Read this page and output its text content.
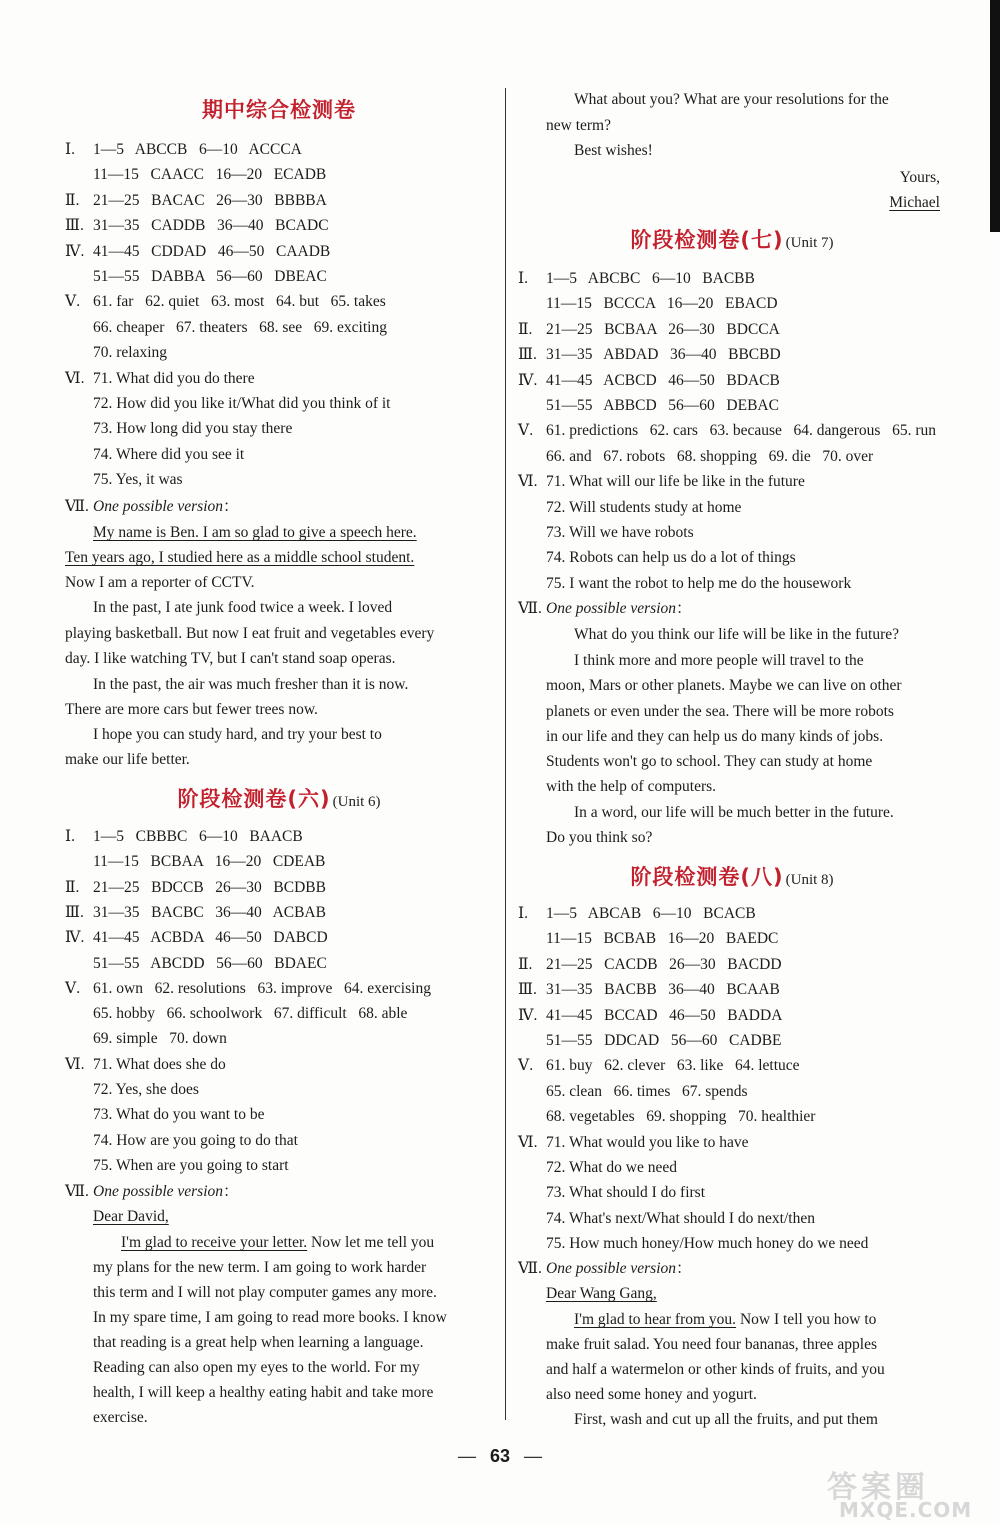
期中综合检测卷
Ⅰ. 1—5   ABCCB   6—10   ACCCA
11—15   CAACC   16—20   ECADB
Ⅱ. 21—25   BACAC   26—30   BBBBA
Ⅲ. 31—35   CADDB   36—40   BCADC
Ⅳ. 41—45   CDDAD   46—50   CAADB
51—55   DABBA   56—60   DBEAC
Ⅴ. 61. far   62. quiet   63. most   64. but   65. takes
66. cheaper   67. theaters   68. see   69. exciting
70. relaxing
Ⅵ. 71. What did you do there
72. How did you like it/What did you think of it
73. How long did you stay there
74. Where did you see it
75. Yes, it was
Ⅶ. One possible version：
My name is Ben. I am so glad to give a speech here.
Ten years ago, I studied here as a middle school student.
Now I am a reporter of CCTV.
In the past, I ate junk food twice a week. I loved
playing basketball. But now I eat fruit and vegetables every
day. I like watching TV, but I can't stand soap operas.
In the past, the air was much fresher than it is now.
There are more cars but fewer trees now.
I hope you can study hard, and try your best to
make our life better.
阶段检测卷(六) (Unit 6)
Ⅰ. 1—5   CBBBC   6—10   BAACB
11—15   BCBAA   16—20   CDEAB
Ⅱ. 21—25   BDCCB   26—30   BCDBB
Ⅲ. 31—35   BACBC   36—40   ACBAB
Ⅳ. 41—45   ACBDA   46—50   DABCD
51—55   ABCDD   56—60   BDAEC
Ⅴ. 61. own   62. resolutions   63. improve   64. exercising
65. hobby   66. schoolwork   67. difficult   68. able
69. simple   70. down
Ⅵ. 71. What does she do
72. Yes, she does
73. What do you want to be
74. How are you going to do that
75. When are you going to start
Ⅶ. One possible version：
Dear David,
I'm glad to receive your letter. Now let me tell you
my plans for the new term. I am going to work harder
this term and I will not play computer games any more.
In my spare time, I am going to read more books. I know
that reading is a great help when learning a language.
Reading can also open my eyes to the world. For my
health, I will keep a healthy eating habit and take more
exercise.
What about you? What are your resolutions for the
new term?
Best wishes!
Yours,
Michael
阶段检测卷(七) (Unit 7)
Ⅰ. 1—5   ABCBC   6—10   BACBB
11—15   BCCCA   16—20   EBACD
Ⅱ. 21—25   BCBAA   26—30   BDCCA
Ⅲ. 31—35   ABDAD   36—40   BBCBD
Ⅳ. 41—45   ACBCD   46—50   BDACB
51—55   ABBCD   56—60   DEBAC
Ⅴ. 61. predictions   62. cars   63. because   64. dangerous   65. run
66. and   67. robots   68. shopping   69. die   70. over
Ⅵ. 71. What will our life be like in the future
72. Will students study at home
73. Will we have robots
74. Robots can help us do a lot of things
75. I want the robot to help me do the housework
Ⅶ. One possible version：
What do you think our life will be like in the future?
I think more and more people will travel to the
moon, Mars or other planets. Maybe we can live on other
planets or even under the sea. There will be more robots
in our life and they can help us do many kinds of jobs.
Students won't go to school. They can study at home
with the help of computers.
In a word, our life will be much better in the future.
Do you think so?
阶段检测卷(八) (Unit 8)
Ⅰ. 1—5   ABCAB   6—10   BCACB
11—15   BCBAB   16—20   BAEDC
Ⅱ. 21—25   CACDB   26—30   BACDD
Ⅲ. 31—35   BACBB   36—40   BCAAB
Ⅳ. 41—45   BCCAD   46—50   BADDA
51—55   DDCAD   56—60   CADBE
Ⅴ. 61. buy   62. clever   63. like   64. lettuce
65. clean   66. times   67. spends
68. vegetables   69. shopping   70. healthier
Ⅵ. 71. What would you like to have
72. What do we need
73. What should I do first
74. What's next/What should I do next/then
75. How much honey/How much honey do we need
Ⅶ. One possible version：
Dear Wang Gang,
I'm glad to hear from you. Now I tell you how to
make fruit salad. You need four bananas, three apples
and half a watermelon or other kinds of fruits, and you
also need some honey and yogurt.
First, wash and cut up all the fruits, and put them
— 63 —
答案圈
MXQE.COM
